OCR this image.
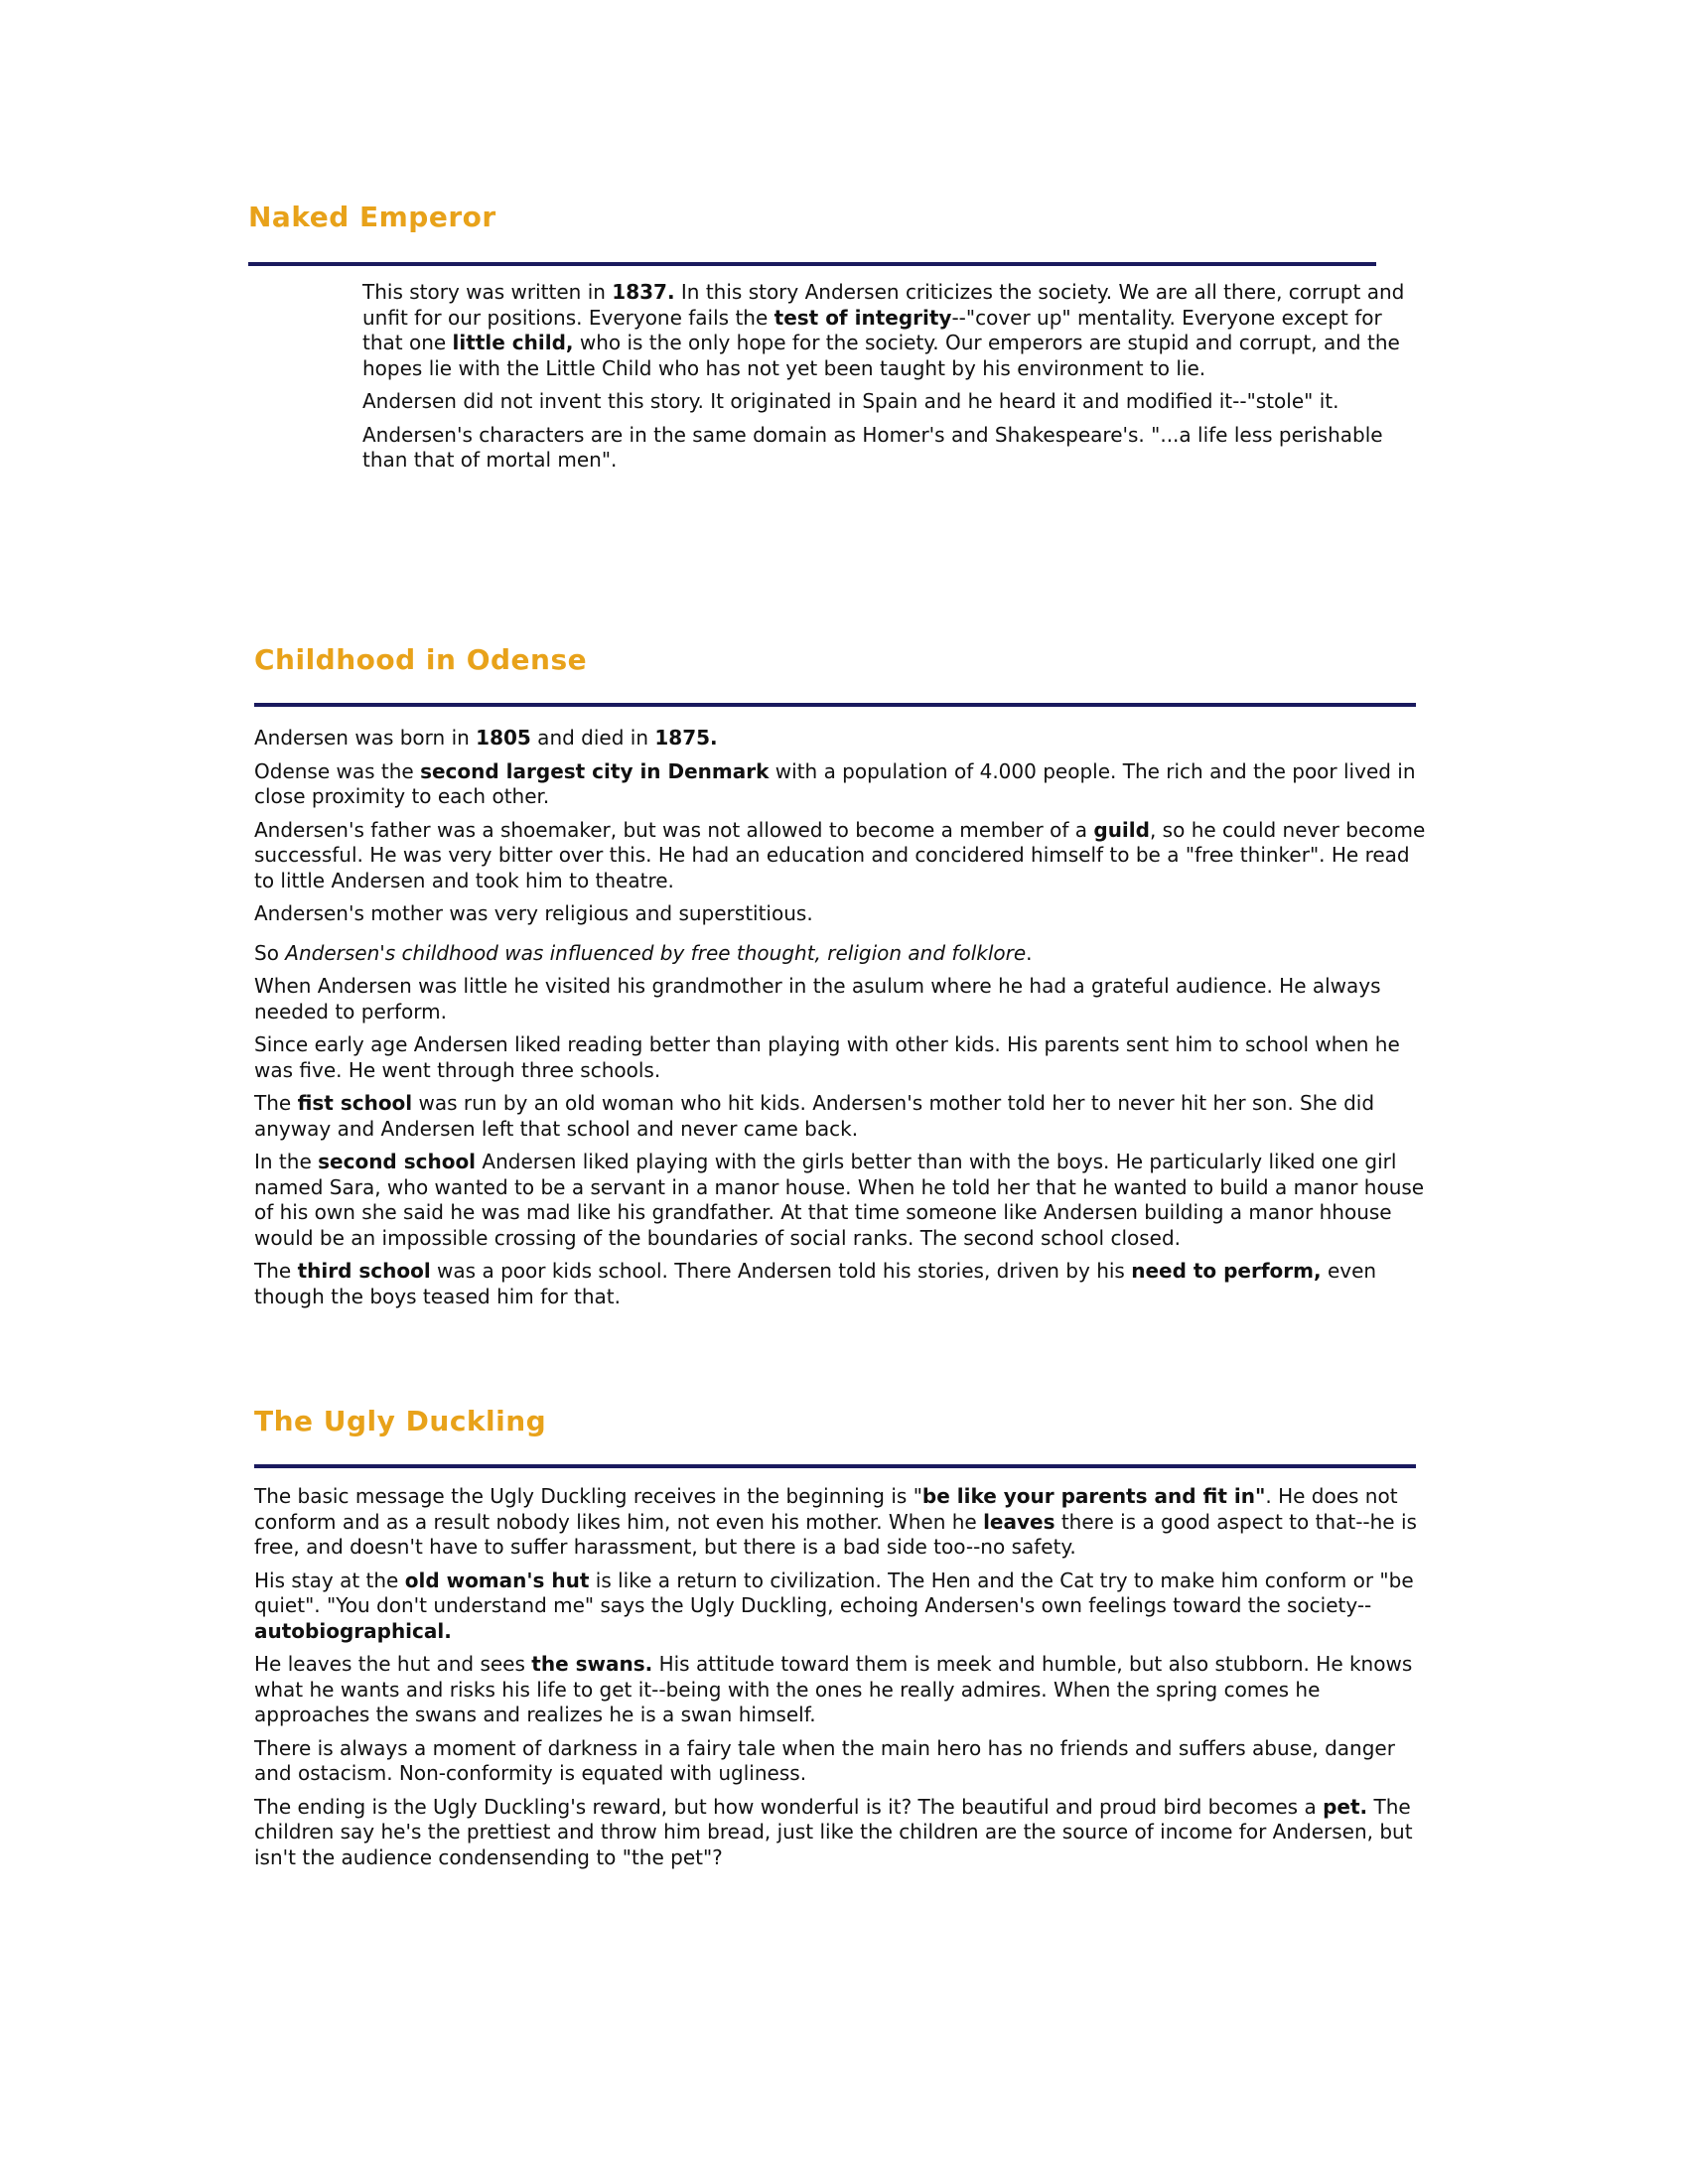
Naked Emperor

This story was written in 1837. In this story Andersen criticizes the society. We are all there, corrupt and unfit for our positions. Everyone fails the test of integrity--"cover up" mentality. Everyone except for that one little child, who is the only hope for the society. Our emperors are stupid and corrupt, and the hopes lie with the Little Child who has not yet been taught by his environment to lie.

Andersen did not invent this story. It originated in Spain and he heard it and modified it--"stole" it.

Andersen's characters are in the same domain as Homer's and Shakespeare's. "...a life less perishable than that of mortal men".

Childhood in Odense

Andersen was born in 1805 and died in 1875.

Odense was the second largest city in Denmark with a population of 4.000 people. The rich and the poor lived in close proximity to each other.

Andersen's father was a shoemaker, but was not allowed to become a member of a guild, so he could never become successful. He was very bitter over this. He had an education and concidered himself to be a "free thinker". He read to little Andersen and took him to theatre.

Andersen's mother was very religious and superstitious.

So Andersen's childhood was influenced by free thought, religion and folklore.

When Andersen was little he visited his grandmother in the asulum where he had a grateful audience. He always needed to perform.

Since early age Andersen liked reading better than playing with other kids. His parents sent him to school when he was five. He went through three schools.

The fist school was run by an old woman who hit kids. Andersen's mother told her to never hit her son. She did anyway and Andersen left that school and never came back.

In the second school Andersen liked playing with the girls better than with the boys. He particularly liked one girl named Sara, who wanted to be a servant in a manor house. When he told her that he wanted to build a manor house of his own she said he was mad like his grandfather. At that time someone like Andersen building a manor hhouse would be an impossible crossing of the boundaries of social ranks. The second school closed.

The third school was a poor kids school. There Andersen told his stories, driven by his need to perform, even though the boys teased him for that.

The Ugly Duckling

The basic message the Ugly Duckling receives in the beginning is "be like your parents and fit in". He does not conform and as a result nobody likes him, not even his mother. When he leaves there is a good aspect to that--he is free, and doesn't have to suffer harassment, but there is a bad side too--no safety.

His stay at the old woman's hut is like a return to civilization. The Hen and the Cat try to make him conform or "be quiet". "You don't understand me" says the Ugly Duckling, echoing Andersen's own feelings toward the society--autobiographical.

He leaves the hut and sees the swans. His attitude toward them is meek and humble, but also stubborn. He knows what he wants and risks his life to get it--being with the ones he really admires. When the spring comes he approaches the swans and realizes he is a swan himself.

There is always a moment of darkness in a fairy tale when the main hero has no friends and suffers abuse, danger and ostacism. Non-conformity is equated with ugliness.

The ending is the Ugly Duckling's reward, but how wonderful is it? The beautiful and proud bird becomes a pet. The children say he's the prettiest and throw him bread, just like the children are the source of income for Andersen, but isn't the audience condensending to "the pet"?
